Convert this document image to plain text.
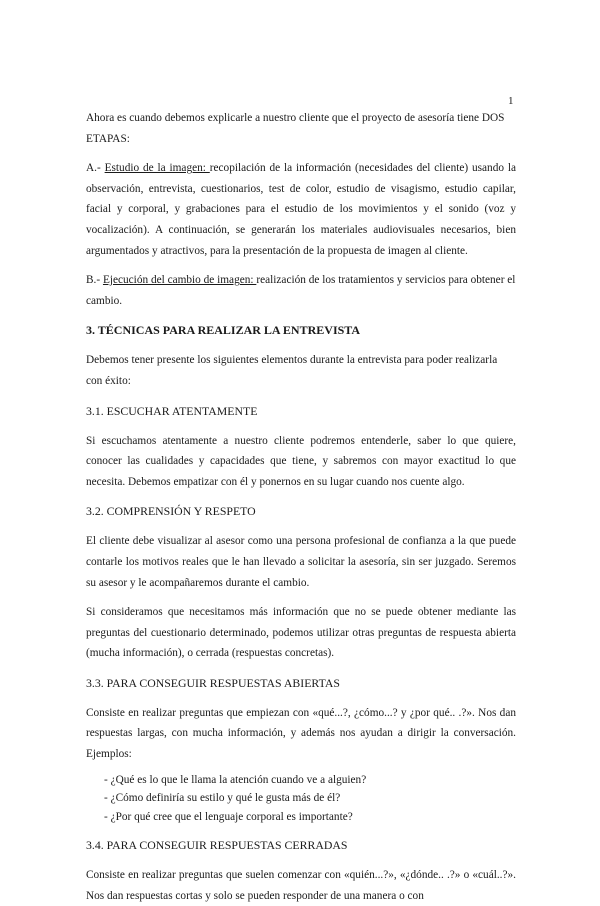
1

Ahora es cuando debemos explicarle a nuestro cliente que el proyecto de asesoría tiene DOS ETAPAS:

A.- Estudio de la imagen: recopilación de la información (necesidades del cliente) usando la observación, entrevista, cuestionarios, test de color, estudio de visagismo, estudio capilar, facial y corporal, y grabaciones para el estudio de los movimientos y el sonido (voz y vocalización). A continuación, se generarán los materiales audiovisuales necesarios, bien argumentados y atractivos, para la presentación de la propuesta de imagen al cliente.

B.- Ejecución del cambio de imagen: realización de los tratamientos y servicios para obtener el cambio.

3. TÉCNICAS PARA REALIZAR LA ENTREVISTA

Debemos tener presente los siguientes elementos durante la entrevista para poder realizarla con éxito:

3.1. ESCUCHAR ATENTAMENTE

Si escuchamos atentamente a nuestro cliente podremos entenderle, saber lo que quiere, conocer las cualidades y capacidades que tiene, y sabremos con mayor exactitud lo que necesita. Debemos empatizar con él y ponernos en su lugar cuando nos cuente algo.

3.2. COMPRENSIÓN Y RESPETO

El cliente debe visualizar al asesor como una persona profesional de confianza a la que puede contarle los motivos reales que le han llevado a solicitar la asesoría, sin ser juzgado. Seremos su asesor y le acompañaremos durante el cambio.

Si consideramos que necesitamos más información que no se puede obtener mediante las preguntas del cuestionario determinado, podemos utilizar otras preguntas de respuesta abierta (mucha información), o cerrada (respuestas concretas).

3.3. PARA CONSEGUIR RESPUESTAS ABIERTAS

Consiste en realizar preguntas que empiezan con «qué...?, ¿cómo...? y ¿por qué.. .?». Nos dan respuestas largas, con mucha información, y además nos ayudan a dirigir la conversación. Ejemplos:

- ¿Qué es lo que le llama la atención cuando ve a alguien?
- ¿Cómo definiría su estilo y qué le gusta más de él?
- ¿Por qué cree que el lenguaje corporal es importante?
3.4. PARA CONSEGUIR RESPUESTAS CERRADAS

Consiste en realizar preguntas que suelen comenzar con «quién...?», «¿dónde.. .?» o «cuál..?». Nos dan respuestas cortas y solo se pueden responder de una manera o con
